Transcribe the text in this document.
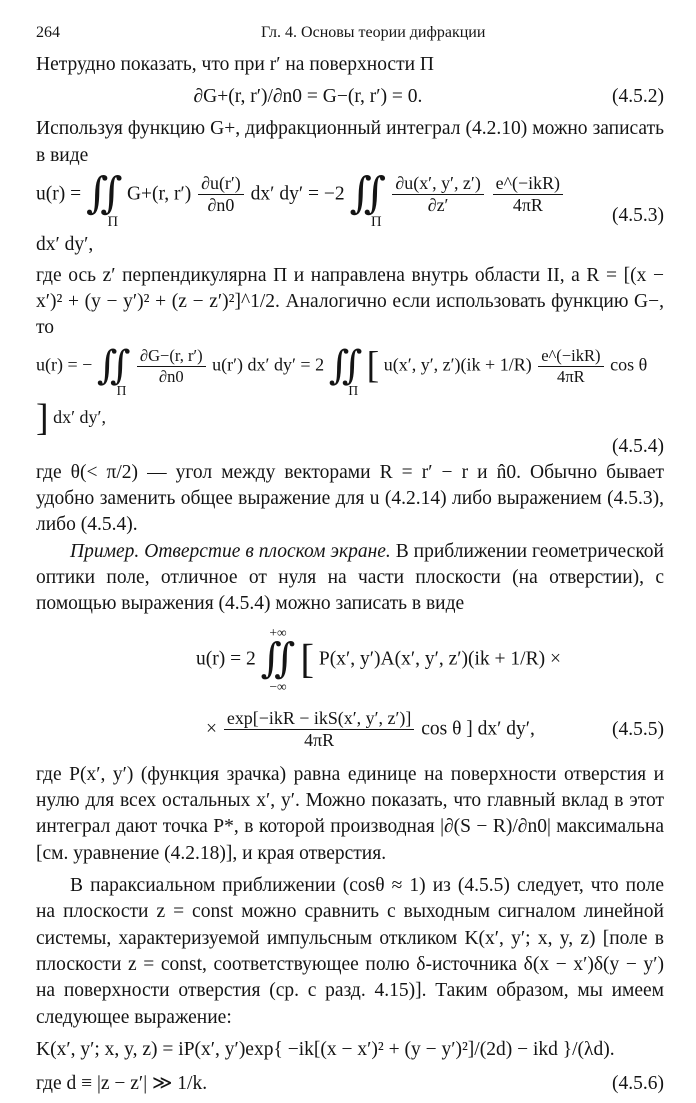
264	Гл. 4. Основы теории дифракции

Нетрудно показать, что при r′ на поверхности П

∂G+(r, r′)/∂n0 = G−(r, r′) = 0.	(4.5.2)

Используя функцию G+, дифракционный интеграл (4.2.10) можно записать в виде

$u(r) = ∬_П$ G+(r, $r') \frac{\partial u(r')}{\partial n0} dx'$ dy′ = −2 $∬_П$
$\frac{\partial u(x', y', z')}{\partial z'}$
$\frac{\text{e\textasciicircum{}(−ikR)}}{4\pi R}$
dx′ dy′,
(4.5.3)

где ось z′ перпендикулярна П и направлена внутрь области II, а R = [(x − x′)² + (y − y′)² + (z − z′)²]^1/2. Аналогично если использовать функцию G−, то

u(r) = − $∬_П$
$\frac{\partial G-(r, r')}{\partial n0} u(r')$ dx′ dy′ = 2 $∬_П$ [ u(x′, y′, $z')(ik + 1/R) \frac{\text{e\textasciicircum{}(−ikR)}}{4\pi R}$ cos θ ] dx′ dy′,
(4.5.4)

где θ(< π/2) — угол между векторами R = r′ − r и n̂0. Обычно бывает удобно заменить общее выражение для u (4.2.14) либо выражением (4.5.3), либо (4.5.4).

Пример. Отверстие в плоском экране. В приближении геометрической оптики поле, отличное от нуля на части плоскости (на отверстии), с помощью выражения (4.5.4) можно записать в виде

u(r) = 2
+∞
∬
−∞
[ P(x′, y′)A(x′, y′, z′)(ik + 1/R) ×
× $\frac{\text{exp[−ikR − ikS(x′, y′, z′)]}}{4\pi R}$ cos θ ] dx′ dy′,	(4.5.5)

где P(x′, y′) (функция зрачка) равна единице на поверхности отверстия и нулю для всех остальных x′, y′. Можно показать, что главный вклад в этот интеграл дают точка P*, в которой производная |∂(S − R)/∂n0| максимальна [см. уравнение (4.2.18)], и края отверстия.

В параксиальном приближении (cosθ ≈ 1) из (4.5.5) следует, что поле на плоскости z = const можно сравнить с выходным сигналом линейной системы, характеризуемой импульсным откликом K(x′, y′; x, y, z) [поле в плоскости z = const, соответствующее полю δ-источника δ(x − x′)δ(y − y′) на поверхности отверстия (ср. с разд. 4.15)]. Таким образом, мы имеем следующее выражение:

K(x′, y′; x, y, z) = iP(x′, y′)exp{ −ik[(x − x′)² + (y − y′)²]/(2d) − ikd }/(λd).
где d ≡ |z − z′| ≫ 1/k.	(4.5.6)
